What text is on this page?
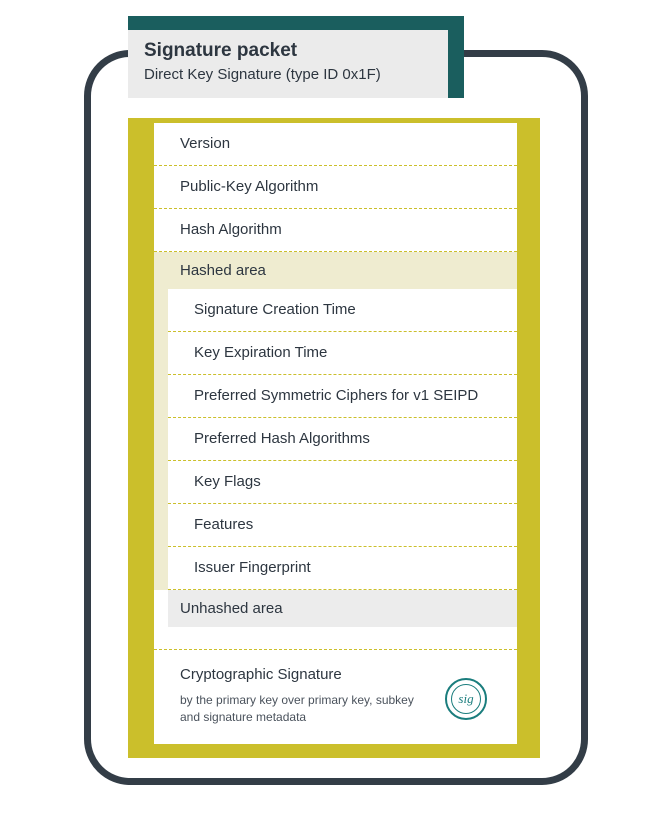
Version
Public-Key Algorithm
Hash Algorithm
Hashed area
Signature Creation Time
Key Expiration Time
Preferred Symmetric Ciphers for v1 SEIPD
Preferred Hash Algorithms
Key Flags
Features
Issuer Fingerprint
Unhashed area
Cryptographic Signature
by the primary key over primary key, subkey and signature metadata
sig
Signature packet
Direct Key Signature (type ID 0x1F)
